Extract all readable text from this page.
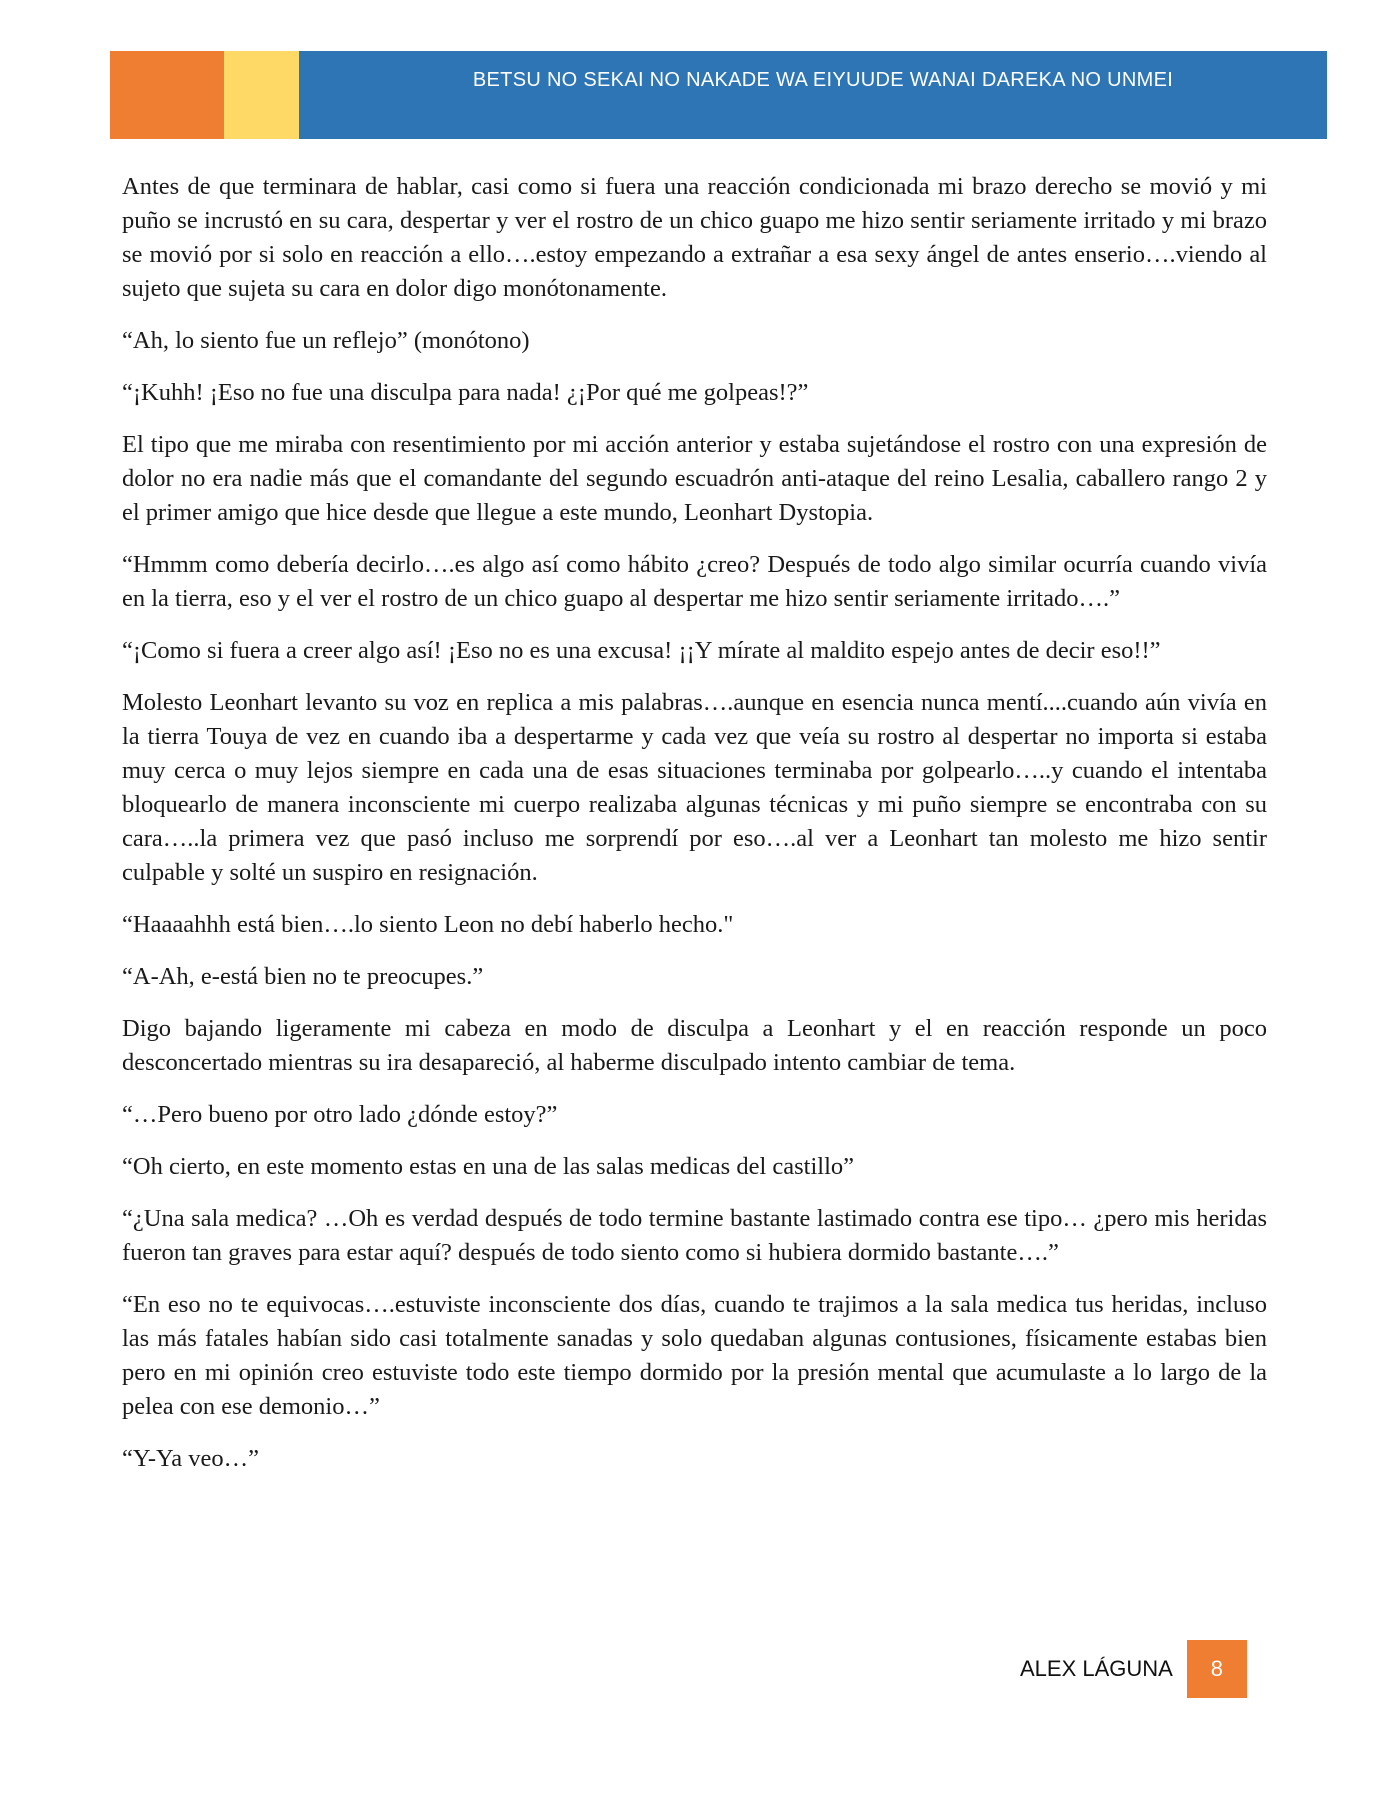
BETSU NO SEKAI NO NAKADE WA EIYUUDE WANAI DAREKA NO UNMEI

Antes de que terminara de hablar, casi como si fuera una reacción condicionada mi brazo derecho se movió y mi puño se incrustó en su cara, despertar y ver el rostro de un chico guapo me hizo sentir seriamente irritado y mi brazo se movió por si solo en reacción a ello….estoy empezando a extrañar a esa sexy ángel de antes enserio….viendo al sujeto que sujeta su cara en dolor digo monótonamente.

“Ah, lo siento fue un reflejo” (monótono)

“¡Kuhh! ¡Eso no fue una disculpa para nada! ¿¡Por qué me golpeas!?”

El tipo que me miraba con resentimiento por mi acción anterior y estaba sujetándose el rostro con una expresión de dolor no era nadie más que el comandante del segundo escuadrón anti-ataque del reino Lesalia, caballero rango 2 y el primer amigo que hice desde que llegue a este mundo, Leonhart Dystopia.

“Hmmm como debería decirlo….es algo así como hábito ¿creo? Después de todo algo similar ocurría cuando vivía en la tierra, eso y el ver el rostro de un chico guapo al despertar me hizo sentir seriamente irritado….”

“¡Como si fuera a creer algo así! ¡Eso no es una excusa! ¡¡Y mírate al maldito espejo antes de decir eso!!”

Molesto Leonhart levanto su voz en replica a mis palabras….aunque en esencia nunca mentí....cuando aún vivía en la tierra Touya de vez en cuando iba a despertarme y cada vez que veía su rostro al despertar no importa si estaba muy cerca o muy lejos siempre en cada una de esas situaciones terminaba por golpearlo…..y cuando el intentaba bloquearlo de manera inconsciente mi cuerpo realizaba algunas técnicas y mi puño siempre se encontraba con su cara…..la primera vez que pasó incluso me sorprendí por eso….al ver a Leonhart tan molesto me hizo sentir culpable y solté un suspiro en resignación.

“Haaaahhh está bien….lo siento Leon no debí haberlo hecho."

“A-Ah, e-está bien no te preocupes.”

Digo bajando ligeramente mi cabeza en modo de disculpa a Leonhart y el en reacción responde un poco desconcertado mientras su ira desapareció, al haberme disculpado intento cambiar de tema.

“…Pero bueno por otro lado ¿dónde estoy?”

“Oh cierto, en este momento estas en una de las salas medicas del castillo”

“¿Una sala medica? …Oh es verdad después de todo termine bastante lastimado contra ese tipo… ¿pero mis heridas fueron tan graves para estar aquí? después de todo siento como si hubiera dormido bastante….”

“En eso no te equivocas….estuviste inconsciente dos días, cuando te trajimos a la sala medica tus heridas, incluso las más fatales habían sido casi totalmente sanadas y solo quedaban algunas contusiones, físicamente estabas bien pero en mi opinión creo estuviste todo este tiempo dormido por la presión mental que acumulaste a lo largo de la pelea con ese demonio…”

“Y-Ya veo…”

ALEX LÁGUNA 8
